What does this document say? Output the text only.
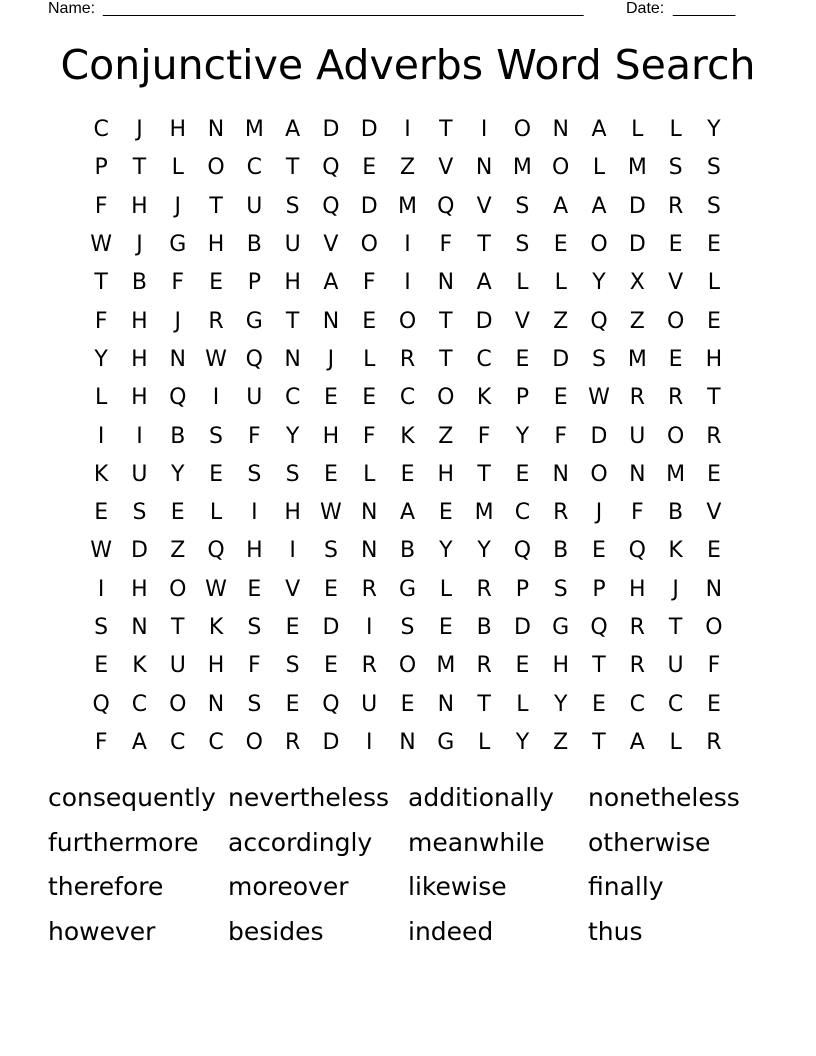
Name: ______________________________________________________	Date: _______
Conjunctive Adverbs Word Search
C	J	H N M A	D D	I	T	I	O N	A	L	L	Y
P	T	L	O C	T	Q	E	Z	V	N M O	L	M S	S
F	H	J	T	U	S	Q D M Q	V	S	A	A	D	R	S
W	J	G H	B	U	V	O	I	F	T	S	E	O D	E	E
T	B	F	E	P	H	A	F	I	N	A	L	L	Y	X	V	L
F	H	J	R	G	T	N	E	O	T	D	V	Z	Q	Z	O	E
Y	H N W Q N	J	L	R	T	C	E	D	S M E	H
L	H Q	I	U	C	E	E	C O	K	P	E W R	R	T
I	I	B	S	F	Y	H	F	K	Z	F	Y	F	D U O R
K	U	Y	E	S	S	E	L	E	H	T	E	N O N M E
E	S	E	L	I	H W N	A	E M C	R	J	F	B	V
W D	Z	Q H	I	S	N	B	Y	Y	Q	B	E	Q	K	E
I	H O W E	V	E	R	G	L	R	P	S	P	H	J	N
S	N	T	K	S	E	D	I	S	E	B	D G Q R	T	O
E	K	U H	F	S	E	R O M R	E	H	T	R	U	F
Q C O N	S	E	Q U	E	N	T	L	Y	E	C	C	E
F	A	C	C O R	D	I	N G	L	Y	Z	T	A	L	R
consequently nevertheless additionally	nonetheless
furthermore	accordingly	meanwhile	otherwise
therefore	moreover	likewise	finally
however	besides	indeed	thus
